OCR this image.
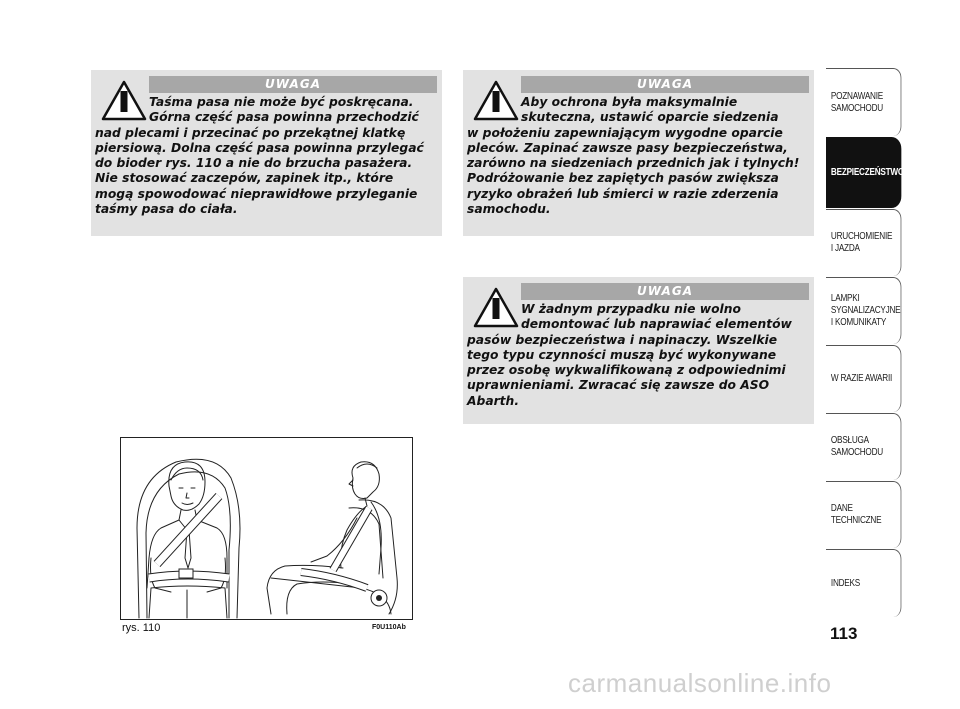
UWAGA

Taśma pasa nie może być poskręcana.

Górna część pasa powinna przechodzić

nad plecami i przecinać po przekątnej klatkę
piersiową. Dolna część pasa powinna przylegać
do bioder rys. 110 a nie do brzucha pasażera.
Nie stosować zaczepów, zapinek itp., które
mogą spowodować nieprawidłowe przyleganie
taśmy pasa do ciała.
UWAGA

Aby ochrona była maksymalnie

skuteczna, ustawić oparcie siedzenia

w położeniu zapewniającym wygodne oparcie
pleców. Zapinać zawsze pasy bezpieczeństwa,
zarówno na siedzeniach przednich jak i tylnych!
Podróżowanie bez zapiętych pasów zwiększa
ryzyko obrażeń lub śmierci w razie zderzenia
samochodu.
UWAGA

W żadnym przypadku nie wolno

demontować lub naprawiać elementów

pasów bezpieczeństwa i napinaczy. Wszelkie
tego typu czynności muszą być wykonywane
przez osobę wykwalifikowaną z odpowiednimi
uprawnieniami. Zwracać się zawsze do ASO
Abarth.
rys. 110	F0U110Ab
POZNAWANIE
SAMOCHODU
BEZPIECZEŃSTWO
URUCHOMIENIE
I JAZDA
LAMPKI
SYGNALIZACYJNE
I KOMUNIKATY
W RAZIE AWARII
OBSŁUGA
SAMOCHODU
DANE
TECHNICZNE
INDEKS
113
carmanualsonline.info
